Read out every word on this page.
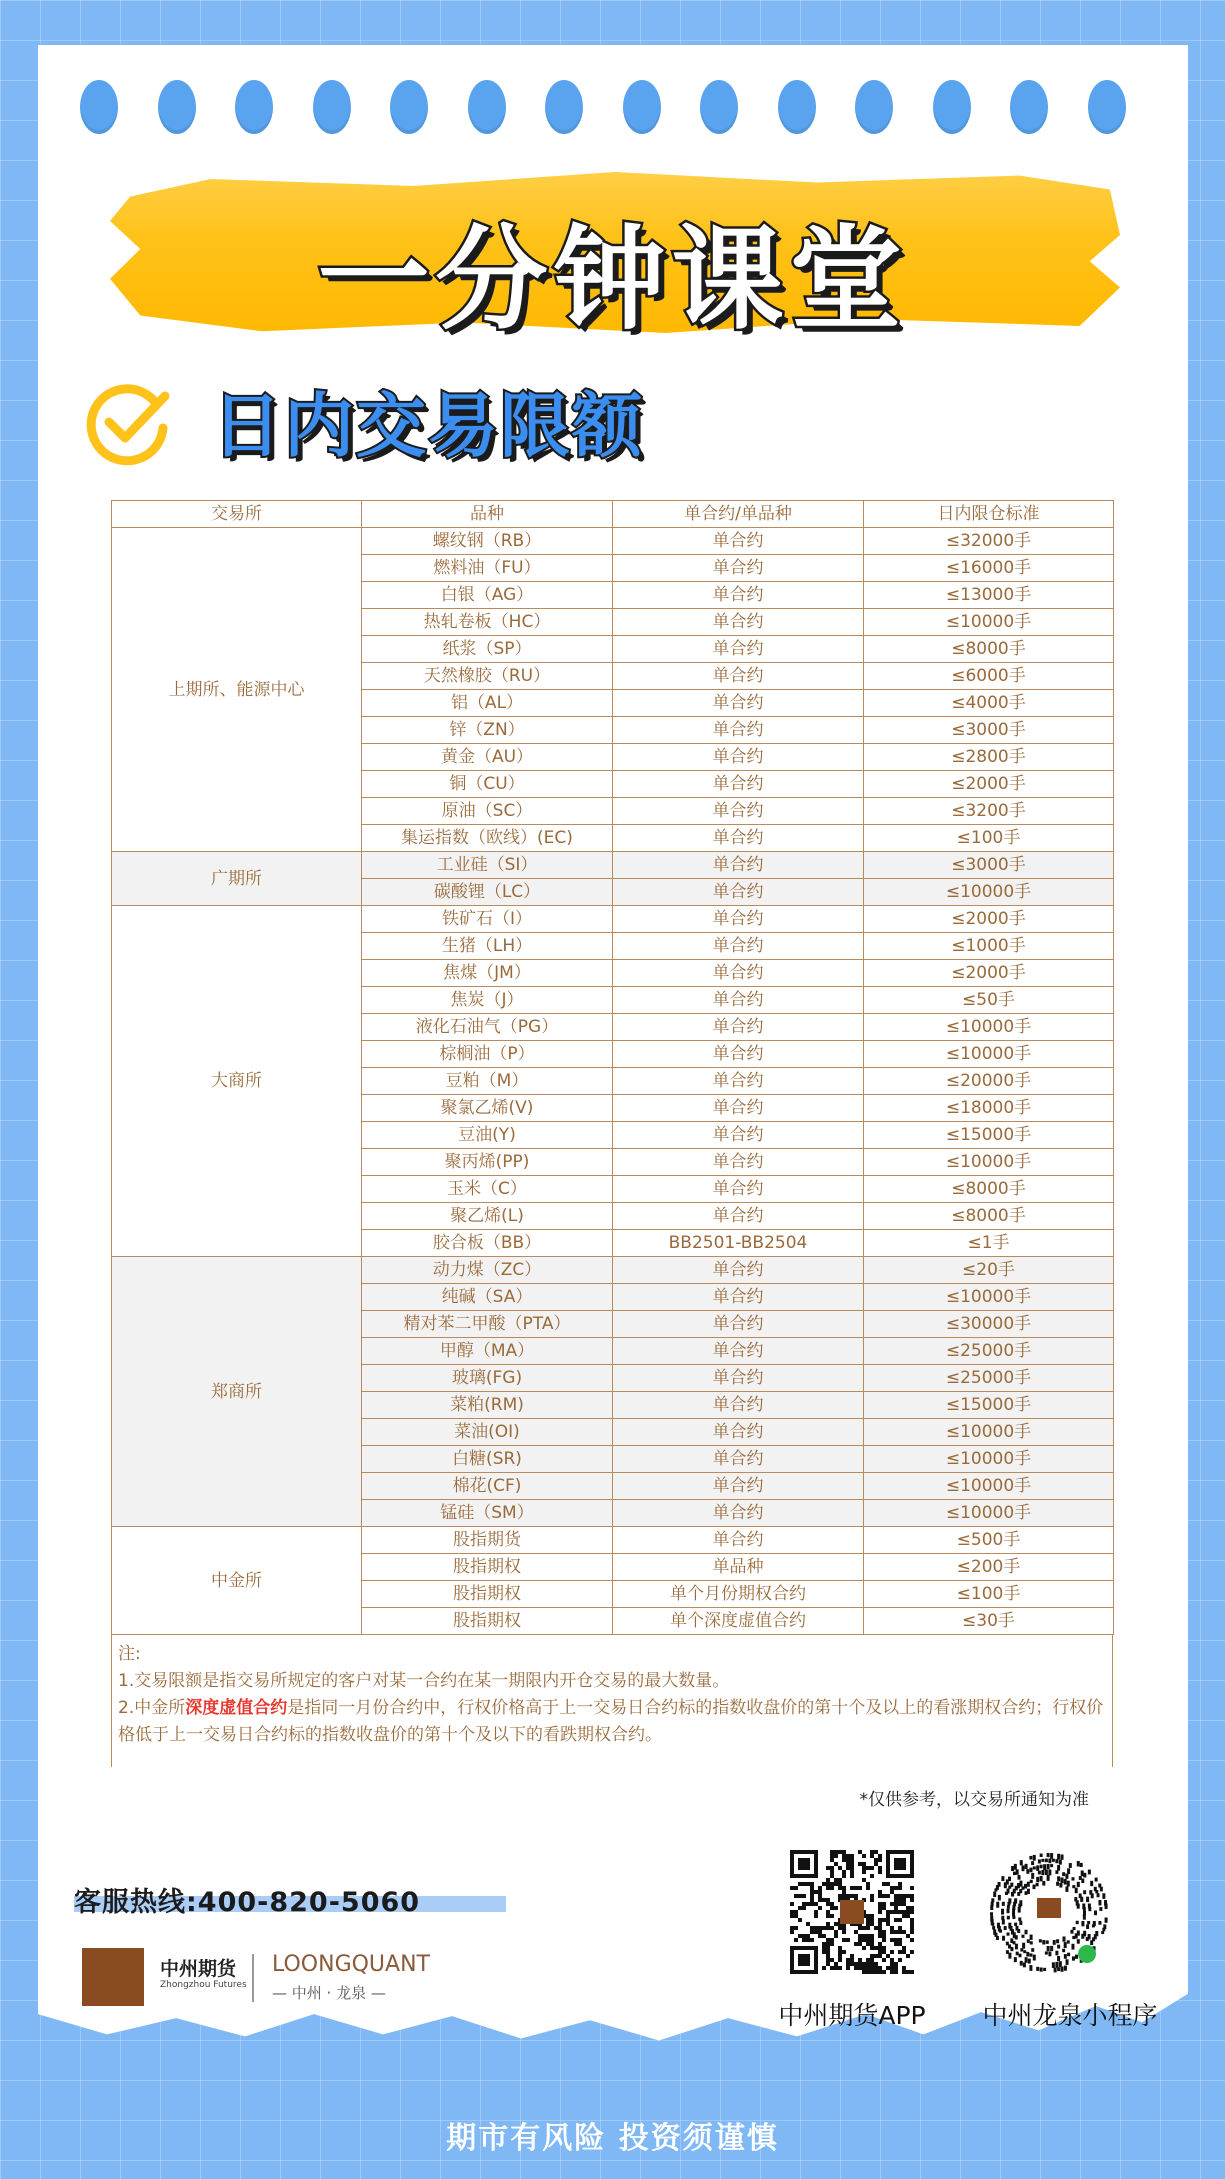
一分钟课堂
日内交易限额
交易所	品种	单合约/单品种	日内限仓标准
上期所、能源中心	螺纹钢（RB）	单合约	≤32000手
	燃料油（FU）	单合约	≤16000手
	白银（AG）	单合约	≤13000手
	热轧卷板（HC）	单合约	≤10000手
	纸浆（SP）	单合约	≤8000手
	天然橡胶（RU）	单合约	≤6000手
	铝（AL）	单合约	≤4000手
	锌（ZN）	单合约	≤3000手
	黄金（AU）	单合约	≤2800手
	铜（CU）	单合约	≤2000手
	原油（SC）	单合约	≤3200手
	集运指数（欧线）(EC)	单合约	≤100手
广期所	工业硅（SI）	单合约	≤3000手
	碳酸锂（LC）	单合约	≤10000手
大商所	铁矿石（I）	单合约	≤2000手
	生猪（LH）	单合约	≤1000手
	焦煤（JM）	单合约	≤2000手
	焦炭（J）	单合约	≤50手
	液化石油气（PG）	单合约	≤10000手
	棕榈油（P）	单合约	≤10000手
	豆粕（M）	单合约	≤20000手
	聚氯乙烯(V)	单合约	≤18000手
	豆油(Y)	单合约	≤15000手
	聚丙烯(PP)	单合约	≤10000手
	玉米（C）	单合约	≤8000手
	聚乙烯(L)	单合约	≤8000手
	胶合板（BB）	BB2501-BB2504	≤1手
郑商所	动力煤（ZC）	单合约	≤20手
	纯碱（SA）	单合约	≤10000手
	精对苯二甲酸（PTA）	单合约	≤30000手
	甲醇（MA）	单合约	≤25000手
	玻璃(FG)	单合约	≤25000手
	菜粕(RM)	单合约	≤15000手
	菜油(OI)	单合约	≤10000手
	白糖(SR)	单合约	≤10000手
	棉花(CF)	单合约	≤10000手
	锰硅（SM）	单合约	≤10000手
中金所	股指期货	单合约	≤500手
	股指期权	单品种	≤200手
	股指期权	单个月份期权合约	≤100手
	股指期权	单个深度虚值合约	≤30手
注:
1.交易限额是指交易所规定的客户对某一合约在某一期限内开仓交易的最大数量。
2.中金所深度虚值合约是指同一月份合约中，行权价格高于上一交易日合约标的指数收盘价的第十个及以上的看涨期权合约；行权价格低于上一交易日合约标的指数收盘价的第十个及以下的看跌期权合约。
*仅供参考，以交易所通知为准
客服热线:400-820-5060
中州期货
Zhongzhou Futures
LOONGQUANT
— 中州 · 龙泉 —
中州期货APP	中州龙泉小程序
期市有风险 投资须谨慎
